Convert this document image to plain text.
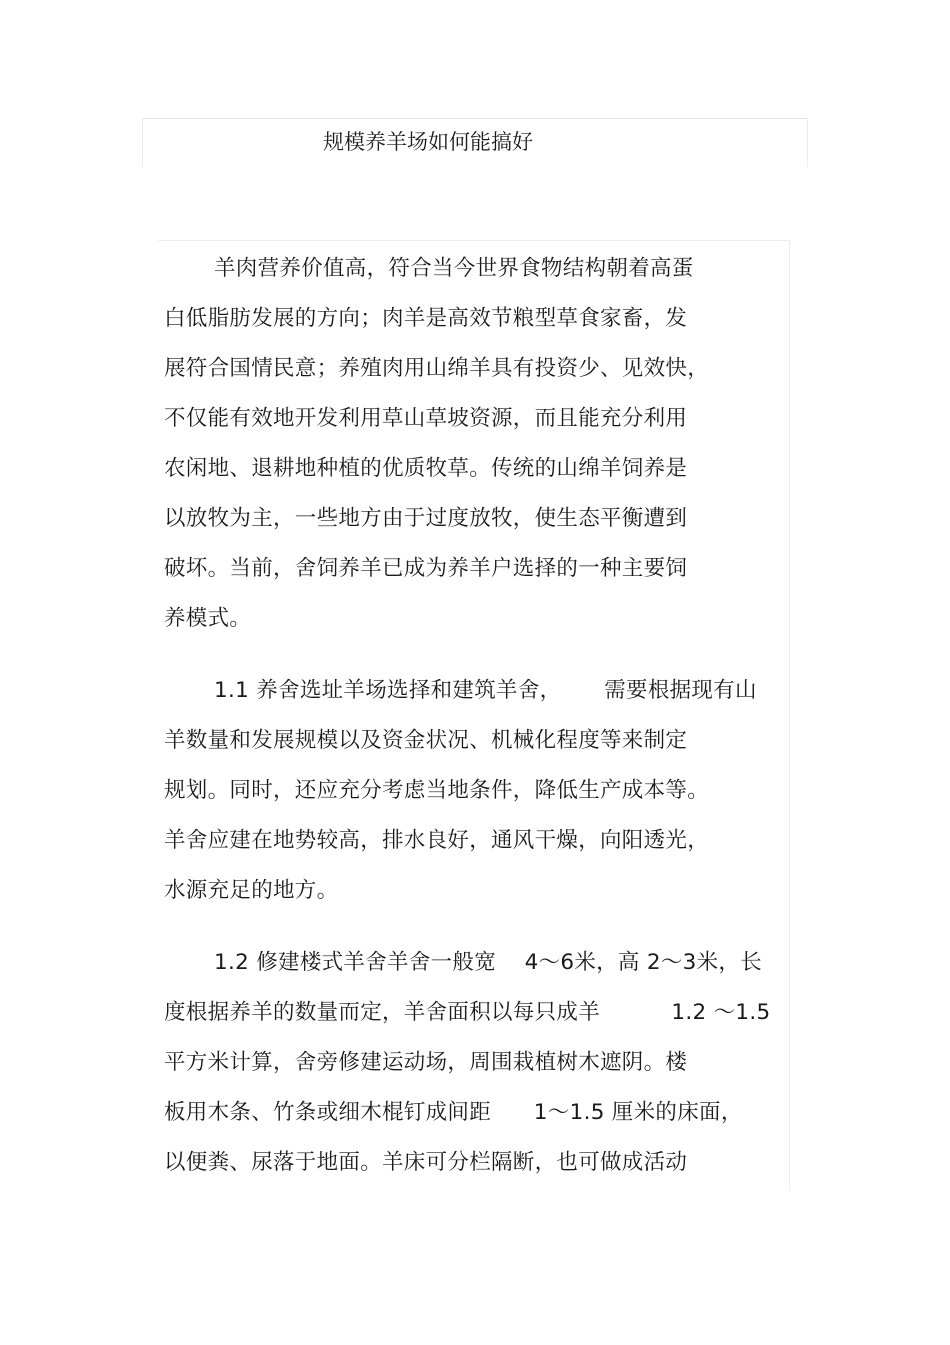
规模养羊场如何能搞好
羊肉营养价值高，符合当今世界食物结构朝着高蛋
白低脂肪发展的方向；肉羊是高效节粮型草食家畜，发
展符合国情民意；养殖肉用山绵羊具有投资少、见效快，
不仅能有效地开发利用草山草坡资源，而且能充分利用
农闲地、退耕地种植的优质牧草。传统的山绵羊饲养是
以放牧为主，一些地方由于过度放牧，使生态平衡遭到
破坏。当前，舍饲养羊已成为养羊户选择的一种主要饲
养模式。
1.1 养舍选址羊场选择和建筑羊舍，      需要根据现有山
羊数量和发展规模以及资金状况、机械化程度等来制定
规划。同时，还应充分考虑当地条件，降低生产成本等。
羊舍应建在地势较高，排水良好，通风干燥，向阳透光，
水源充足的地方。
1.2 修建楼式羊舍羊舍一般宽    4～6米，高 2～3米，长
度根据养羊的数量而定，羊舍面积以每只成羊          1.2 ～1.5
平方米计算，舍旁修建运动场，周围栽植树木遮阴。楼
板用木条、竹条或细木棍钉成间距      1～1.5 厘米的床面，
以便粪、尿落于地面。羊床可分栏隔断，也可做成活动
